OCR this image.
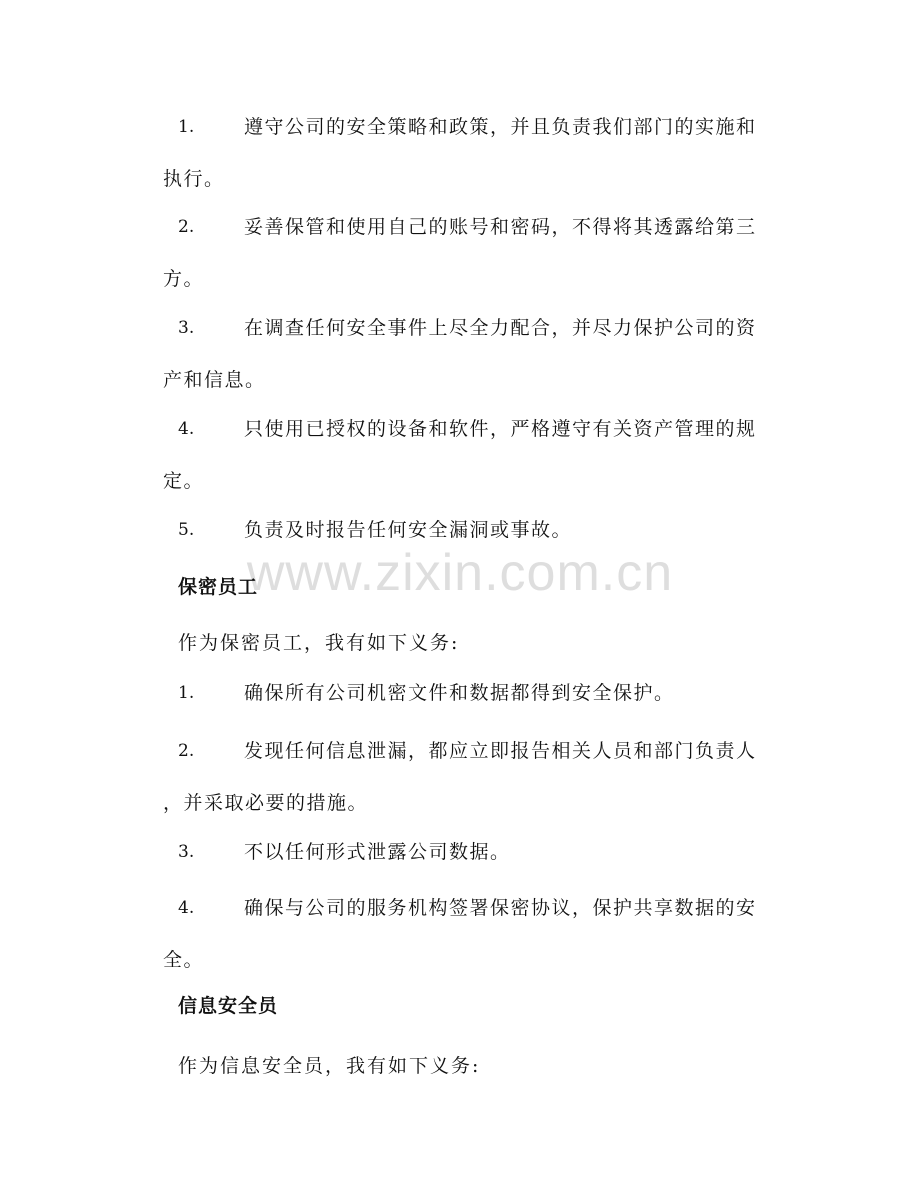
www.zixin.com.cn
1.	遵守公司的安全策略和政策，并且负责我们部门的实施和
执行。
2.	妥善保管和使用自己的账号和密码，不得将其透露给第三
方。
3.	在调查任何安全事件上尽全力配合，并尽力保护公司的资
产和信息。
4.	只使用已授权的设备和软件，严格遵守有关资产管理的规
定。
5.	负责及时报告任何安全漏洞或事故。
保密员工
作为保密员工，我有如下义务:
1.	确保所有公司机密文件和数据都得到安全保护。
2.	发现任何信息泄漏，都应立即报告相关人员和部门负责人
，并采取必要的措施。
3.	不以任何形式泄露公司数据。
4.	确保与公司的服务机构签署保密协议，保护共享数据的安
全。
信息安全员
作为信息安全员，我有如下义务:
